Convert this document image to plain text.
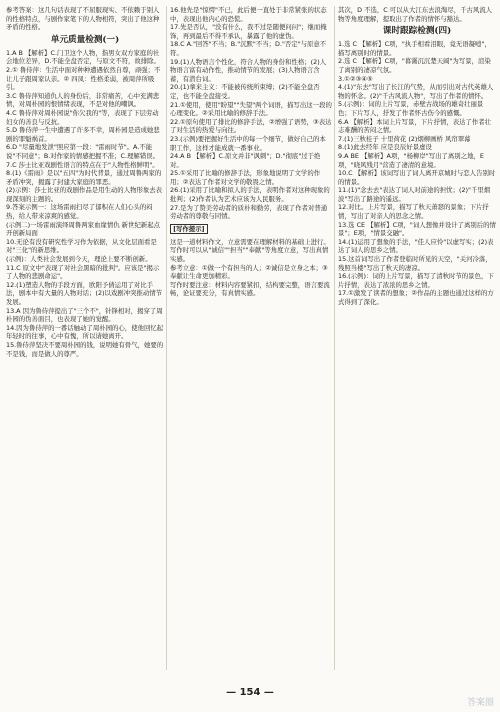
参考答案：这几句话表现了不屈服现实、不依赖于别人的性格特点，与剧作家笔下的人物相符，突出了他这种矛盾的性格。

单元质量检测(一)

1.A B 【解析】C.门卫这个人物，指男女双方家庭的社会地位差异，D.不能全盘否定，与原文不符，故排除。

2.① 鲁侍萍：生活中面对种种遭遇依然自尊，顽强；不让儿子跟周家认亲。② 四凤：性格柔弱，被周萍所吸引。

3.C 鲁侍萍知道仇人的身份后，非常痛苦，心中充满悲愤，对周朴园的恨情绪表现，不是对他的嘲讽。

4.C 鲁侍萍对周朴园说"你欠我的"等，表现了下层劳动妇女的善良与反抗。

5.D 鲁侍萍一生中遭遇了许多不幸，周朴园是造成她悲剧的罪魁祸首。

6.D "尽量地发泄"照应第一段："雷雨时节"。A.不能说"不同意"；B.对作家的情感把握不准；C.理解错误。

7.C 莎士比亚戏剧性语言的特点在于"人物性格鲜明"。

8.(1)《雷雨》是以"五四"为时代背景，通过周鲁两家的矛盾冲突，揭露了封建大家庭的罪恶。

(2)示例：莎士比亚的戏剧作品是用生动的人物形象去表现深刻的主题的。

9.答案示例一：这场雷雨扫尽了郁积在人们心头的闷热，给人带来凉爽的感觉。

(示例二)一场雷雨演绎周鲁两家血缘情仇 新世纪新起点开创新局面

10.无论有没有研究性学习作为依据，从文化层面看是对"三化"的新思维。

(示例)：人类社会发展到今天，理论上要不断创新。

11.C 原文中"表现了对社会黑暗的批判"。应该是"揭示了人物的悲剧命运"。

12.(1)塑造人物的手段方面，欧阳予倩运用了对比手法，剧本中有大量的人物对话；(2)以戏剧冲突推动情节发展。

13.A 因为鲁侍萍提出了"三个不"，针锋相对，揭穿了周朴园的伪善面目，也表现了她的觉醒。

14.因为鲁侍萍的一番话触动了周朴园的心，使他回忆起年轻时的往事，心中有愧，所以请她离开。

15.鲁侍萍坚决不要周朴园的钱，说明她有骨气，她要的不是钱，而是做人的尊严。

16.他先是"惊愕"不已，此后便一直处于非常紧张的状态中，表现出他内心的恐慌。

17.先是否认，"没有什么，我不过是随便问问"；继而掩饰，再到最后不得不承认，暴露了他的虚伪。

18.C A."回答"不当；B."沉默"不当；D."否定"与原意不符。

19.(1)人物语言个性化，符合人物的身份和性格；(2)人物语言富有动作性，推动情节的发展；(3)人物语言含蓄，有潜台词。

20.(1)拿来主义：不能被传统所束缚；(2)不能全盘否定，也不能全盘接受。

21.①使用，使用"盼望""失望"两个词语，描写出这一段的心理变化。②采用比喻的修辞手法。

22.①原句使用了排比的修辞手法，②增强了语势，③表达了对生活的热爱与向往。

23.(示例)要把握好生活中的每一个细节，做好自己的本职工作，这样才能成就一番事业。

24.A B 【解析】C.原文并非"讽刺"；D."彻底"过于绝对。

25.①采用了比喻的修辞手法，形象地说明了文学的作用；②表达了作者对文学的敬畏之情。

26.(1)采用了比喻和拟人的手法，表明作者对这种现象的批判；(2)作者认为艺术应该为人民服务。

27.是为了赞美劳动者的质朴和勤劳，表现了作者对普通劳动者的尊敬与同情。

[写作提示]

这是一道材料作文，立意需要在理解材料的基础上进行。写作时可以从"诚信""担当""奉献"等角度立意，写出真情实感。

参考立意：①做一个有担当的人；②诚信是立身之本；③奉献让生命更加精彩。

写作时要注意：材料内容要紧扣，结构要完整，语言要流畅，论证要充分，有真情实感。

其次，D 不选，C 可以从大江东去浪淘尽，千古风流人物等角度理解，提取出了作者的情怀与豁达。

课时跟踪检测(四)

1.选 C 【解析】C项，"执手相看泪眼，竟无语凝噎"，描写离别时的情景。

2.选 C 【解析】C项，"暮霭沉沉楚天阔"为写景，渲染了离别的凄凉气氛。

3.①②③④⑤

4.(1)"东去"写出了长江的气势，从而引出对古代英雄人物的怀念。(2)"千古风流人物"，写出了作者的情怀。

5.(示例)：词的上片写景，赤壁古战场的雄奇壮丽景色；下片写人，抒发了作者怀古伤今的感慨。

6.A 【解析】本词上片写景，下片抒情，表达了作者壮志难酬的苦闷之情。

7.(1)三秋桂子 十里荷花 (2)烟柳画桥 风帘翠幕

8.(1)此去经年 应是良辰好景虚设

9.A BE 【解析】A项，"杨柳岸"写出了离别之地，E项，"晓风残月"营造了凄清的意境。

10.C 【解析】该词写出了词人离开京城时与恋人告别时的情景。

11.(1)"念去去"表达了词人对前途的担忧；(2)"千里烟波"写出了路途的遥远。

12.对比。上片写景，描写了秋天萧瑟的景象；下片抒情，写出了对亲人的思念之情。

13.选 CE 【解析】C项，"词人想像并设计了离别后的情景"；E项，"情景交融"。

14.(1)运用了想象的手法，"佳人应怜"以虚写实；(2)表达了词人的思乡之情。

15.这首词写出了作者登临时所见的天空，"关河冷落，残照当楼"写出了秋天的凄凉。

16.(示例)：词的上片写景，描写了清秋时节的景色，下片抒情，表达了浓浓的思乡之情。

17.①激发了读者的想象；②作品的主题也通过这样的方式得到了深化。

— 154 —
答案圈
